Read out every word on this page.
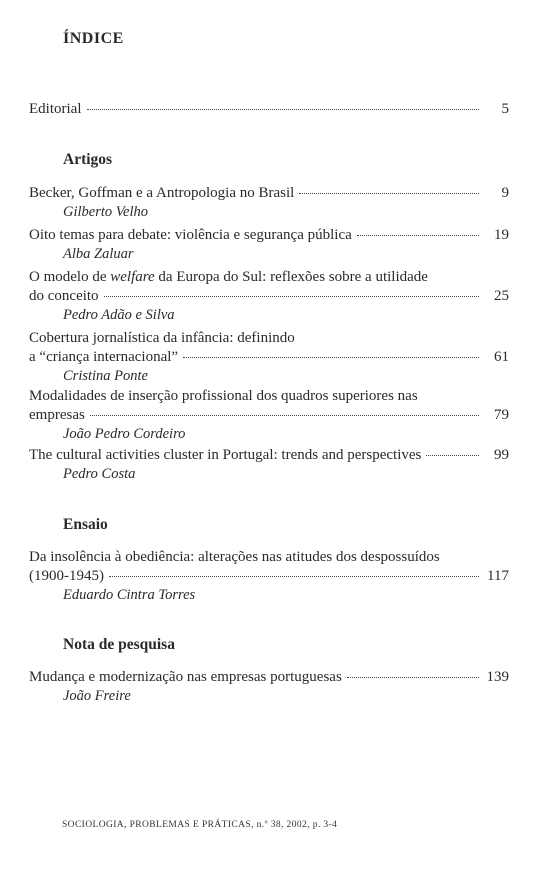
ÍNDICE
Editorial	5
Artigos
Becker, Goffman e a Antropologia no Brasil	9
Gilberto Velho
Oito temas para debate: violência e segurança pública	19
Alba Zaluar
O modelo de welfare da Europa do Sul: reflexões sobre a utilidade
do conceito	25
Pedro Adão e Silva
Cobertura jornalística da infância: definindo
a “criança internacional”	61
Cristina Ponte
Modalidades de inserção profissional dos quadros superiores nas
empresas	79
João Pedro Cordeiro
The cultural activities cluster in Portugal: trends and perspectives	99
Pedro Costa
Ensaio
Da insolência à obediência: alterações nas atitudes dos despossuídos
(1900-1945)	117
Eduardo Cintra Torres
Nota de pesquisa
Mudança e modernização nas empresas portuguesas	139
João Freire
SOCIOLOGIA, PROBLEMAS E PRÁTICAS, n.º 38, 2002, p. 3-4
